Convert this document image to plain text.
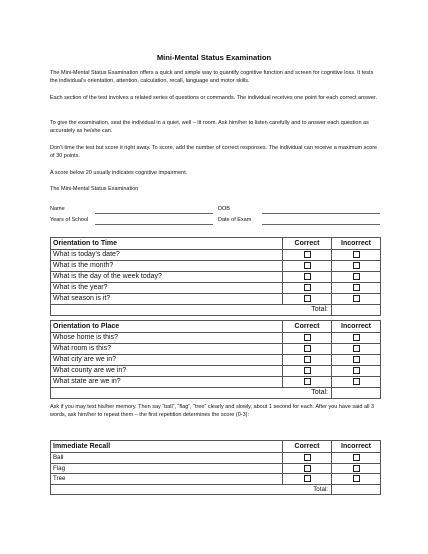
Mini-Mental Status Examination

The Mini-Mental Status Examination offers a quick and simple way to quantify cognitive function and screen for cognitive loss. It tests the individual’s orientation, attention, calculation, recall, language and motor skills.

Each section of the test involves a related series of questions or commands. The individual receives one point for each correct answer.

To give the examination, seat the individual in a quiet, well – lit room. Ask him/her to listen carefully and to answer each question as accurately as he/she can.

Don’t time the test but score it right away. To score, add the number of correct responses. The individual can receive a maximum score of 30 points.

A score below 20 usually indicates cognitive impairment.

The Mini-Mental Status Examination

Name	DOB
Years of School	Date of Exam
Orientation to Time	Correct	Incorrect
What is today’s date?		
What is the month?		
What is the day of the week today?		
What is the year?		
What season is it?		
Total:		
Orientation to Place	Correct	Incorrect
Whose home is this?		
What room is this?		
What city are we in?		
What county are we in?		
What state are we in?		
Total:		

Ask if you may test his/her memory. Then say “ball”, “flag”, “tree” clearly and slowly, about 1 second for each. After you have said all 3 words, ask him/her to repeat them – the first repetition determines the score (0-3):

Immediate Recall	Correct	Incorrect
Ball		
Flag		
Tree		
Total:		
